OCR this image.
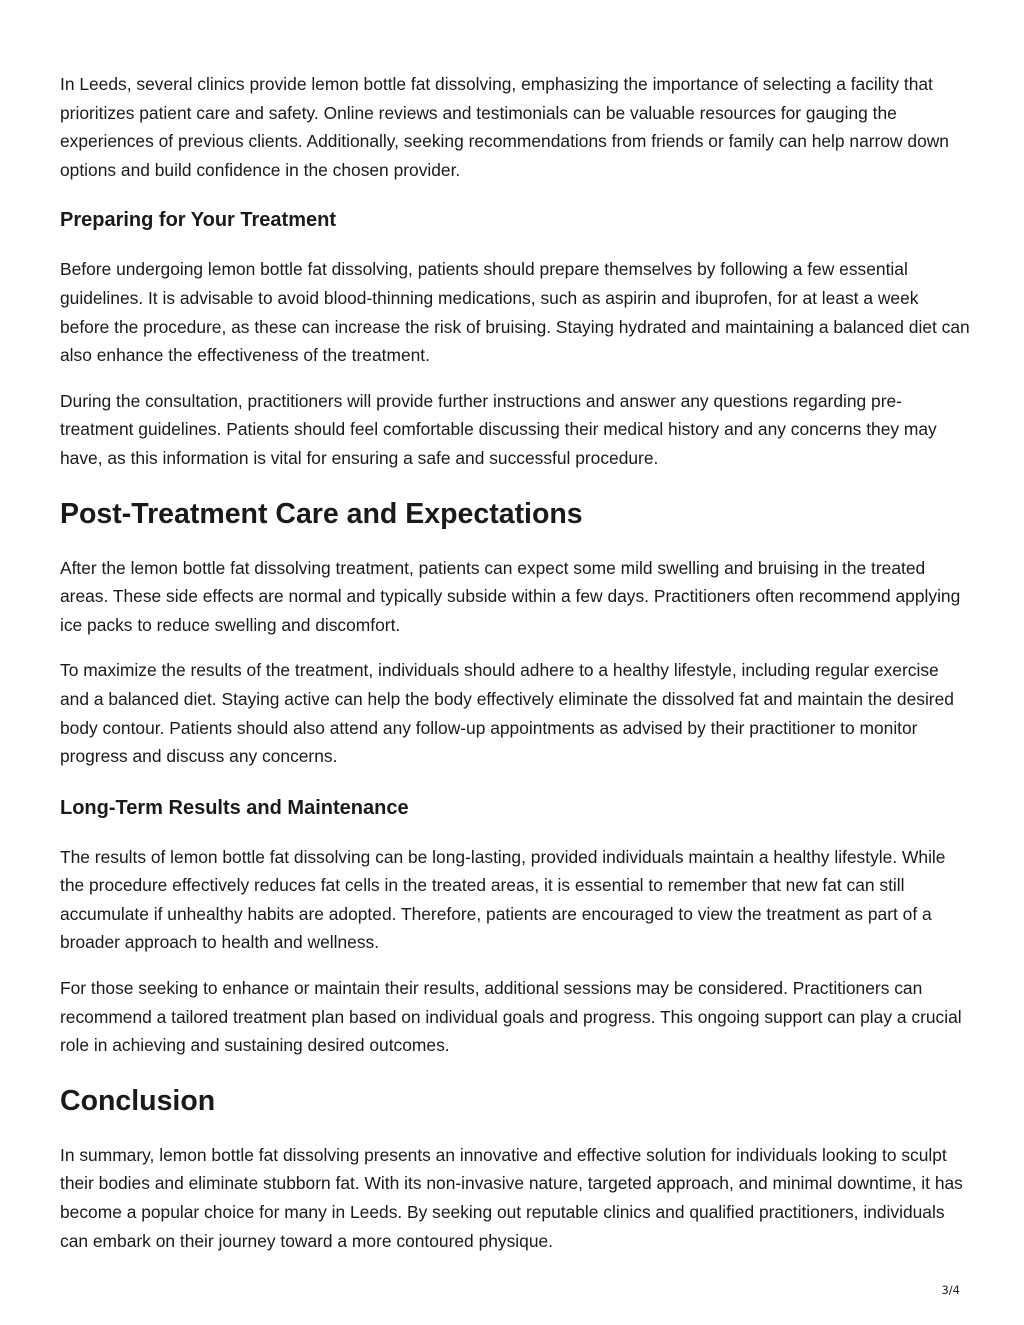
In Leeds, several clinics provide lemon bottle fat dissolving, emphasizing the importance of selecting a facility that prioritizes patient care and safety. Online reviews and testimonials can be valuable resources for gauging the experiences of previous clients. Additionally, seeking recommendations from friends or family can help narrow down options and build confidence in the chosen provider.

Preparing for Your Treatment

Before undergoing lemon bottle fat dissolving, patients should prepare themselves by following a few essential guidelines. It is advisable to avoid blood-thinning medications, such as aspirin and ibuprofen, for at least a week before the procedure, as these can increase the risk of bruising. Staying hydrated and maintaining a balanced diet can also enhance the effectiveness of the treatment.

During the consultation, practitioners will provide further instructions and answer any questions regarding pre-treatment guidelines. Patients should feel comfortable discussing their medical history and any concerns they may have, as this information is vital for ensuring a safe and successful procedure.

Post-Treatment Care and Expectations

After the lemon bottle fat dissolving treatment, patients can expect some mild swelling and bruising in the treated areas. These side effects are normal and typically subside within a few days. Practitioners often recommend applying ice packs to reduce swelling and discomfort.

To maximize the results of the treatment, individuals should adhere to a healthy lifestyle, including regular exercise and a balanced diet. Staying active can help the body effectively eliminate the dissolved fat and maintain the desired body contour. Patients should also attend any follow-up appointments as advised by their practitioner to monitor progress and discuss any concerns.

Long-Term Results and Maintenance

The results of lemon bottle fat dissolving can be long-lasting, provided individuals maintain a healthy lifestyle. While the procedure effectively reduces fat cells in the treated areas, it is essential to remember that new fat can still accumulate if unhealthy habits are adopted. Therefore, patients are encouraged to view the treatment as part of a broader approach to health and wellness.

For those seeking to enhance or maintain their results, additional sessions may be considered. Practitioners can recommend a tailored treatment plan based on individual goals and progress. This ongoing support can play a crucial role in achieving and sustaining desired outcomes.

Conclusion

In summary, lemon bottle fat dissolving presents an innovative and effective solution for individuals looking to sculpt their bodies and eliminate stubborn fat. With its non-invasive nature, targeted approach, and minimal downtime, it has become a popular choice for many in Leeds. By seeking out reputable clinics and qualified practitioners, individuals can embark on their journey toward a more contoured physique.

3/4
